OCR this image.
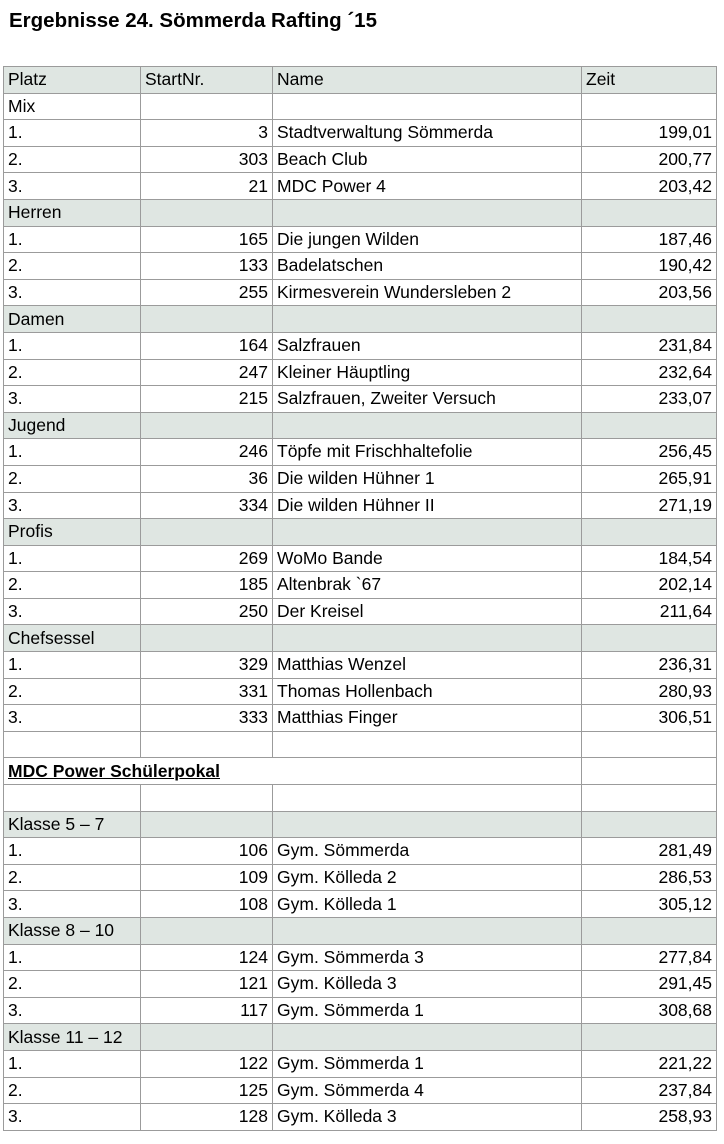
Ergebnisse 24. Sömmerda Rafting ´15
Platz	StartNr.	Name	Zeit
Mix			
1.	3	Stadtverwaltung Sömmerda	199,01
2.	303	Beach Club	200,77
3.	21	MDC Power 4	203,42
Herren			
1.	165	Die jungen Wilden	187,46
2.	133	Badelatschen	190,42
3.	255	Kirmesverein Wundersleben 2	203,56
Damen			
1.	164	Salzfrauen	231,84
2.	247	Kleiner Häuptling	232,64
3.	215	Salzfrauen, Zweiter Versuch	233,07
Jugend			
1.	246	Töpfe mit Frischhaltefolie	256,45
2.	36	Die wilden Hühner 1	265,91
3.	334	Die wilden Hühner II	271,19
Profis			
1.	269	WoMo Bande	184,54
2.	185	Altenbrak `67	202,14
3.	250	Der Kreisel	211,64
Chefsessel			
1.	329	Matthias Wenzel	236,31
2.	331	Thomas Hollenbach	280,93
3.	333	Matthias Finger	306,51

MDC Power Schülerpokal			

Klasse 5 – 7			
1.	106	Gym. Sömmerda	281,49
2.	109	Gym. Kölleda 2	286,53
3.	108	Gym. Kölleda 1	305,12
Klasse 8 – 10			
1.	124	Gym. Sömmerda 3	277,84
2.	121	Gym. Kölleda 3	291,45
3.	117	Gym. Sömmerda 1	308,68
Klasse 11 – 12			
1.	122	Gym. Sömmerda 1	221,22
2.	125	Gym. Sömmerda 4	237,84
3.	128	Gym. Kölleda 3	258,93
